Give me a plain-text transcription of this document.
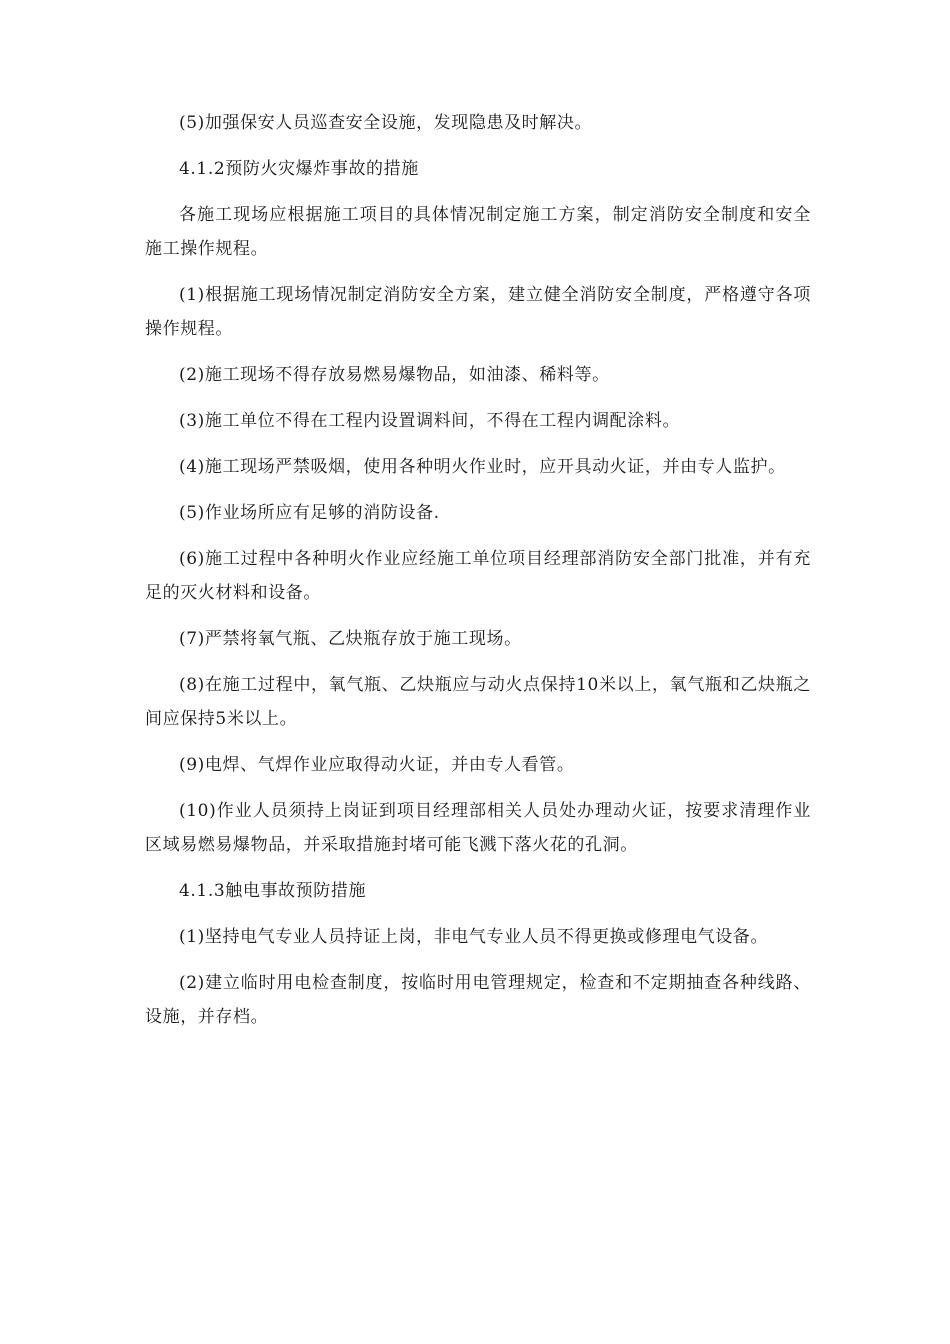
(5)加强保安人员巡查安全设施，发现隐患及时解决。

4.1.2预防火灾爆炸事故的措施

各施工现场应根据施工项目的具体情况制定施工方案，制定消防安全制度和安全施工操作规程。

(1)根据施工现场情况制定消防安全方案，建立健全消防安全制度，严格遵守各项操作规程。

(2)施工现场不得存放易燃易爆物品，如油漆、稀料等。

(3)施工单位不得在工程内设置调料间，不得在工程内调配涂料。

(4)施工现场严禁吸烟，使用各种明火作业时，应开具动火证，并由专人监护。

(5)作业场所应有足够的消防设备.

(6)施工过程中各种明火作业应经施工单位项目经理部消防安全部门批准，并有充足的灭火材料和设备。

(7)严禁将氧气瓶、乙炔瓶存放于施工现场。

(8)在施工过程中，氧气瓶、乙炔瓶应与动火点保持10米以上，氧气瓶和乙炔瓶之间应保持5米以上。

(9)电焊、气焊作业应取得动火证，并由专人看管。

(10)作业人员须持上岗证到项目经理部相关人员处办理动火证，按要求清理作业区域易燃易爆物品，并采取措施封堵可能飞溅下落火花的孔洞。

4.1.3触电事故预防措施

(1)坚持电气专业人员持证上岗，非电气专业人员不得更换或修理电气设备。

(2)建立临时用电检查制度，按临时用电管理规定，检查和不定期抽查各种线路、设施，并存档。
